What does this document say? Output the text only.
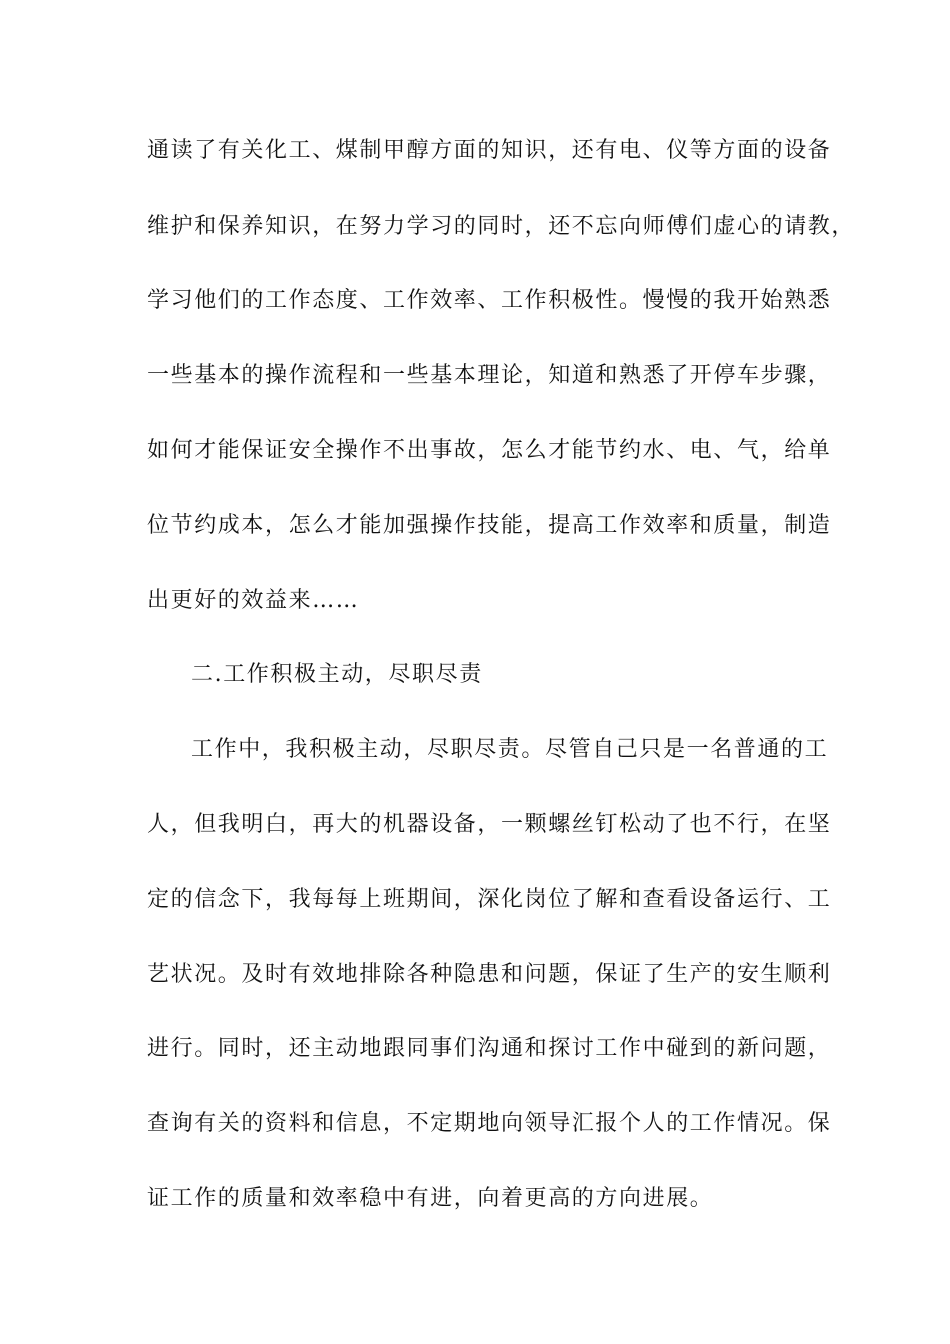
通读了有关化工、煤制甲醇方面的知识，还有电、仪等方面的设备

维护和保养知识，在努力学习的同时，还不忘向师傅们虚心的请教，

学习他们的工作态度、工作效率、工作积极性。慢慢的我开始熟悉

一些基本的操作流程和一些基本理论，知道和熟悉了开停车步骤，

如何才能保证安全操作不出事故，怎么才能节约水、电、气，给单

位节约成本，怎么才能加强操作技能，提高工作效率和质量，制造

出更好的效益来……

二.工作积极主动，尽职尽责

工作中，我积极主动，尽职尽责。尽管自己只是一名普通的工

人，但我明白，再大的机器设备，一颗螺丝钉松动了也不行，在坚

定的信念下，我每每上班期间，深化岗位了解和查看设备运行、工

艺状况。及时有效地排除各种隐患和问题，保证了生产的安生顺利

进行。同时，还主动地跟同事们沟通和探讨工作中碰到的新问题，

查询有关的资料和信息，不定期地向领导汇报个人的工作情况。保

证工作的质量和效率稳中有进，向着更高的方向进展。
